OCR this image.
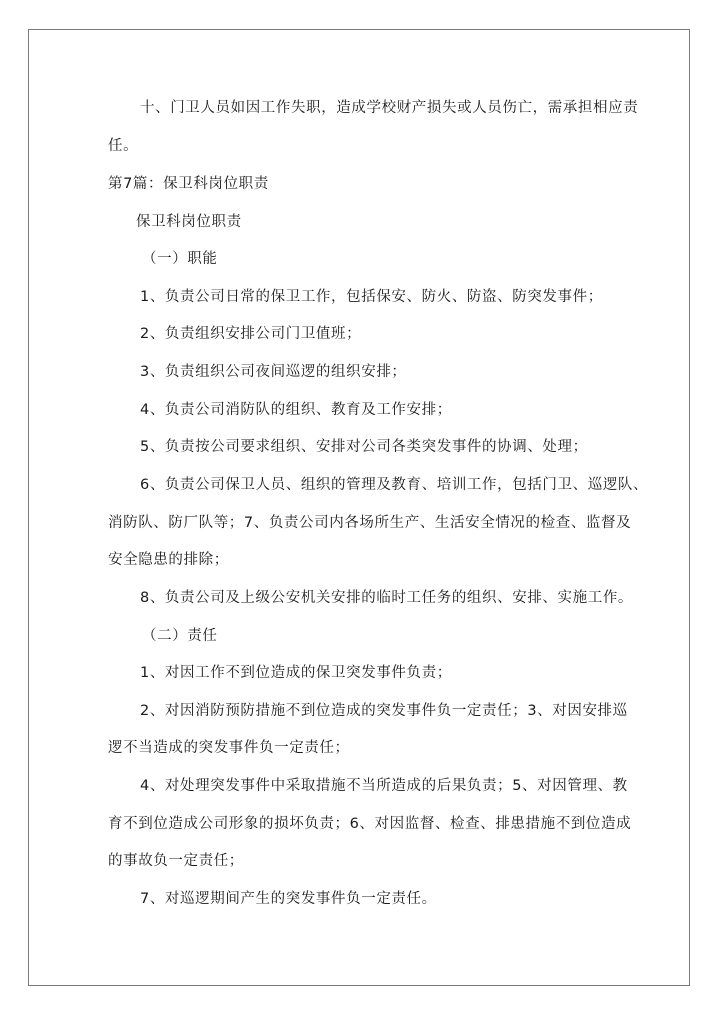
十、门卫人员如因工作失职，造成学校财产损失或人员伤亡，需承担相应责
任。
第7篇：保卫科岗位职责
保卫科岗位职责
（一）职能
1、负责公司日常的保卫工作，包括保安、防火、防盗、防突发事件；
2、负责组织安排公司门卫值班；
3、负责组织公司夜间巡逻的组织安排；
4、负责公司消防队的组织、教育及工作安排；
5、负责按公司要求组织、安排对公司各类突发事件的协调、处理；
6、负责公司保卫人员、组织的管理及教育、培训工作，包括门卫、巡逻队、
消防队、防厂队等；7、负责公司内各场所生产、生活安全情况的检查、监督及
安全隐患的排除；
8、负责公司及上级公安机关安排的临时工任务的组织、安排、实施工作。
（二）责任
1、对因工作不到位造成的保卫突发事件负责；
2、对因消防预防措施不到位造成的突发事件负一定责任；3、对因安排巡
逻不当造成的突发事件负一定责任；
4、对处理突发事件中采取措施不当所造成的后果负责；5、对因管理、教
育不到位造成公司形象的损坏负责；6、对因监督、检查、排患措施不到位造成
的事故负一定责任；
7、对巡逻期间产生的突发事件负一定责任。
